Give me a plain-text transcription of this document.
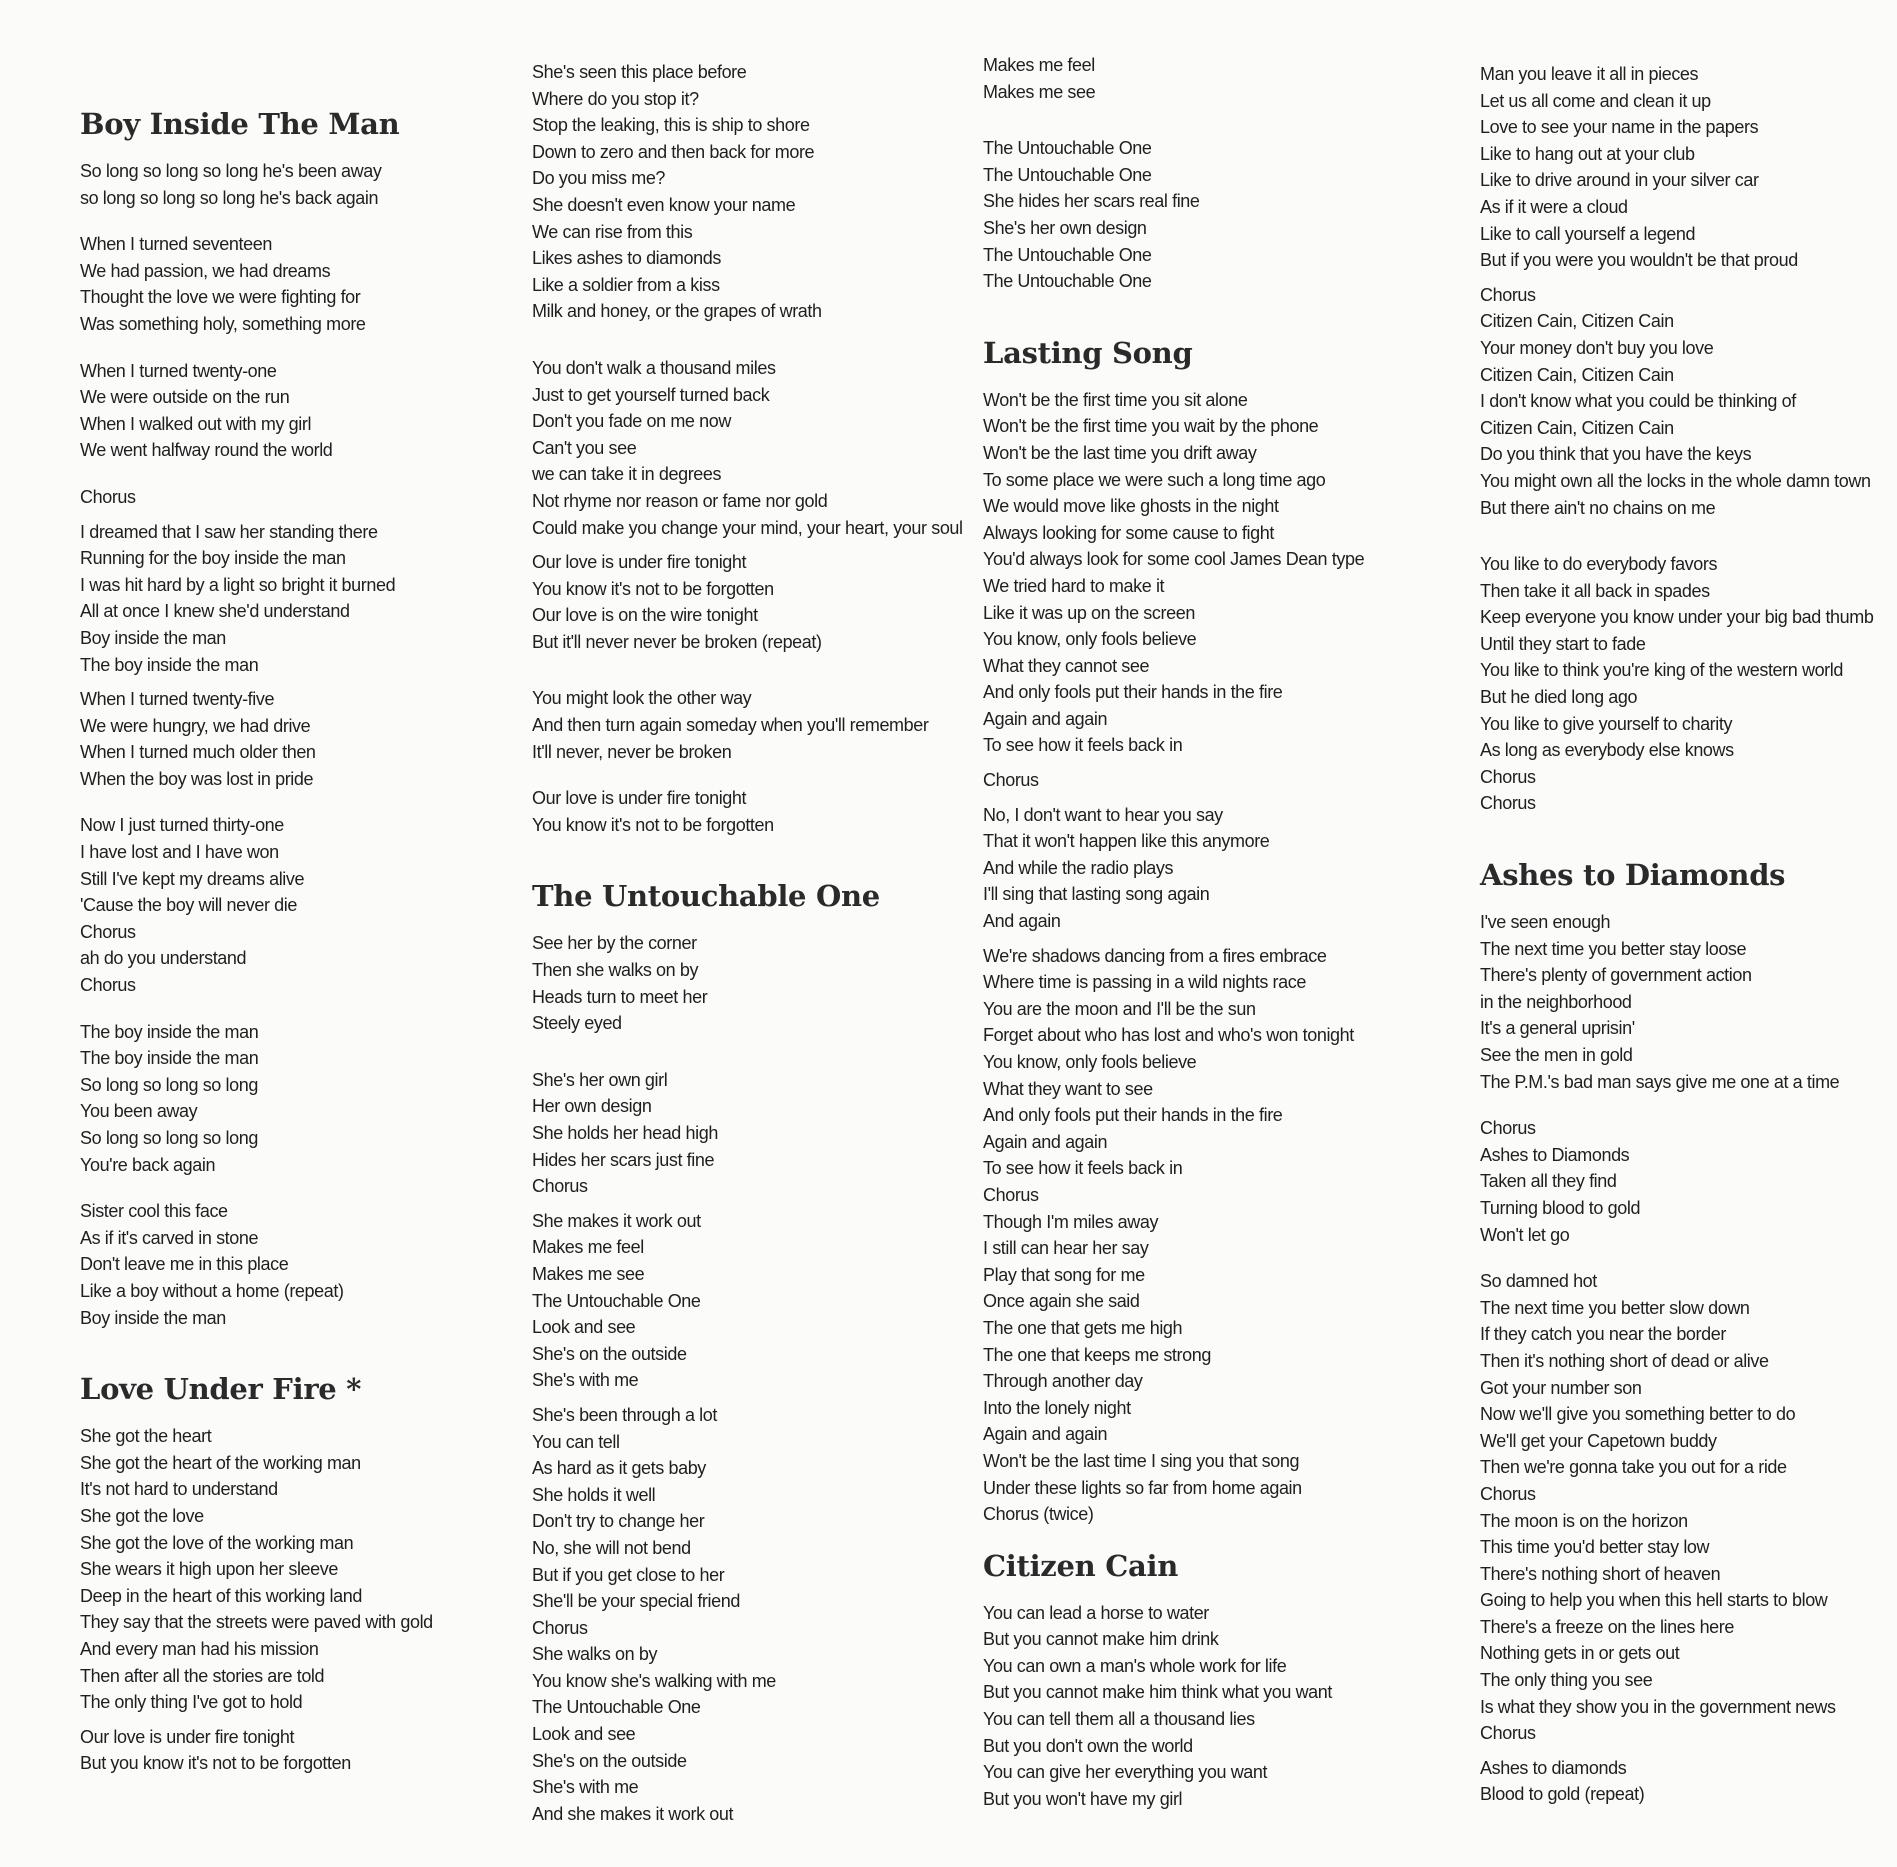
Boy Inside The Man
So long so long so long he's been away
so long so long so long he's back again
When I turned seventeen
We had passion, we had dreams
Thought the love we were fighting for
Was something holy, something more
When I turned twenty-one
We were outside on the run
When I walked out with my girl
We went halfway round the world
Chorus
I dreamed that I saw her standing there
Running for the boy inside the man
I was hit hard by a light so bright it burned
All at once I knew she'd understand
Boy inside the man
The boy inside the man
When I turned twenty-five
We were hungry, we had drive
When I turned much older then
When the boy was lost in pride
Now I just turned thirty-one
I have lost and I have won
Still I've kept my dreams alive
'Cause the boy will never die
Chorus
ah do you understand
Chorus
The boy inside the man
The boy inside the man
So long so long so long
You been away
So long so long so long
You're back again
Sister cool this face
As if it's carved in stone
Don't leave me in this place
Like a boy without a home (repeat)
Boy inside the man
Love Under Fire *
She got the heart
She got the heart of the working man
It's not hard to understand
She got the love
She got the love of the working man
She wears it high upon her sleeve
Deep in the heart of this working land
They say that the streets were paved with gold
And every man had his mission
Then after all the stories are told
The only thing I've got to hold
Our love is under fire tonight
But you know it's not to be forgotten
She's seen this place before
Where do you stop it?
Stop the leaking, this is ship to shore
Down to zero and then back for more
Do you miss me?
She doesn't even know your name
We can rise from this
Likes ashes to diamonds
Like a soldier from a kiss
Milk and honey, or the grapes of wrath
You don't walk a thousand miles
Just to get yourself turned back
Don't you fade on me now
Can't you see
we can take it in degrees
Not rhyme nor reason or fame nor gold
Could make you change your mind, your heart, your soul
Our love is under fire tonight
You know it's not to be forgotten
Our love is on the wire tonight
But it'll never never be broken (repeat)
You might look the other way
And then turn again someday when you'll remember
It'll never, never be broken
Our love is under fire tonight
You know it's not to be forgotten
The Untouchable One
See her by the corner
Then she walks on by
Heads turn to meet her
Steely eyed
She's her own girl
Her own design
She holds her head high
Hides her scars just fine
Chorus
She makes it work out
Makes me feel
Makes me see
The Untouchable One
Look and see
She's on the outside
She's with me
She's been through a lot
You can tell
As hard as it gets baby
She holds it well
Don't try to change her
No, she will not bend
But if you get close to her
She'll be your special friend
Chorus
She walks on by
You know she's walking with me
The Untouchable One
Look and see
She's on the outside
She's with me
And she makes it work out
Makes me feel
Makes me see
The Untouchable One
The Untouchable One
She hides her scars real fine
She's her own design
The Untouchable One
The Untouchable One
Lasting Song
Won't be the first time you sit alone
Won't be the first time you wait by the phone
Won't be the last time you drift away
To some place we were such a long time ago
We would move like ghosts in the night
Always looking for some cause to fight
You'd always look for some cool James Dean type
We tried hard to make it
Like it was up on the screen
You know, only fools believe
What they cannot see
And only fools put their hands in the fire
Again and again
To see how it feels back in
Chorus
No, I don't want to hear you say
That it won't happen like this anymore
And while the radio plays
I'll sing that lasting song again
And again
We're shadows dancing from a fires embrace
Where time is passing in a wild nights race
You are the moon and I'll be the sun
Forget about who has lost and who's won tonight
You know, only fools believe
What they want to see
And only fools put their hands in the fire
Again and again
To see how it feels back in
Chorus
Though I'm miles away
I still can hear her say
Play that song for me
Once again she said
The one that gets me high
The one that keeps me strong
Through another day
Into the lonely night
Again and again
Won't be the last time I sing you that song
Under these lights so far from home again
Chorus (twice)
Citizen Cain
You can lead a horse to water
But you cannot make him drink
You can own a man's whole work for life
But you cannot make him think what you want
You can tell them all a thousand lies
But you don't own the world
You can give her everything you want
But you won't have my girl
Man you leave it all in pieces
Let us all come and clean it up
Love to see your name in the papers
Like to hang out at your club
Like to drive around in your silver car
As if it were a cloud
Like to call yourself a legend
But if you were you wouldn't be that proud
Chorus
Citizen Cain, Citizen Cain
Your money don't buy you love
Citizen Cain, Citizen Cain
I don't know what you could be thinking of
Citizen Cain, Citizen Cain
Do you think that you have the keys
You might own all the locks in the whole damn town
But there ain't no chains on me
You like to do everybody favors
Then take it all back in spades
Keep everyone you know under your big bad thumb
Until they start to fade
You like to think you're king of the western world
But he died long ago
You like to give yourself to charity
As long as everybody else knows
Chorus
Chorus
Ashes to Diamonds
I've seen enough
The next time you better stay loose
There's plenty of government action
in the neighborhood
It's a general uprisin'
See the men in gold
The P.M.'s bad man says give me one at a time
Chorus
Ashes to Diamonds
Taken all they find
Turning blood to gold
Won't let go
So damned hot
The next time you better slow down
If they catch you near the border
Then it's nothing short of dead or alive
Got your number son
Now we'll give you something better to do
We'll get your Capetown buddy
Then we're gonna take you out for a ride
Chorus
The moon is on the horizon
This time you'd better stay low
There's nothing short of heaven
Going to help you when this hell starts to blow
There's a freeze on the lines here
Nothing gets in or gets out
The only thing you see
Is what they show you in the government news
Chorus
Ashes to diamonds
Blood to gold (repeat)
